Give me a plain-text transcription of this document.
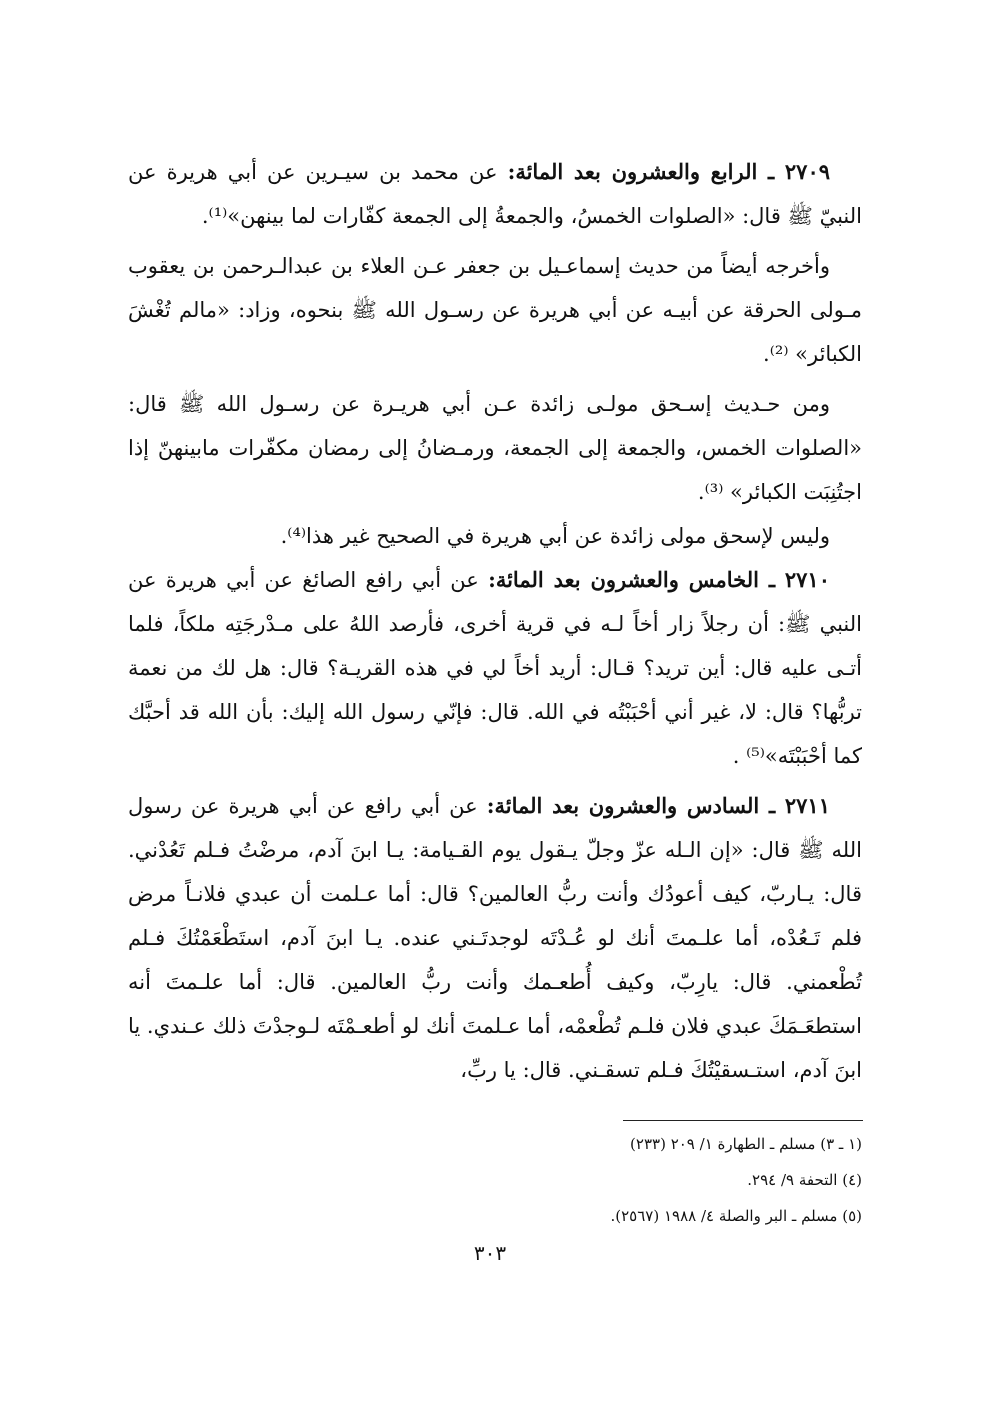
٢٧٠٩ ـ الرابع والعشرون بعد المائة: عن محمد بن سيـرين عن أبي هريرة عن النبيّ ﷺ قال: «الصلوات الخمسُ، والجمعةُ إلى الجمعة كفّارات لما بينهن»⁽¹⁾.

وأخرجه أيضاً من حديث إسماعـيل بن جعفر عـن العلاء بن عبدالـرحمن بن يعقوب مـولى الحرقة عن أبيـه عن أبي هريرة عن رسـول الله ﷺ بنحوه، وزاد: «مالم تُغْشَ الكبائر» ⁽²⁾.

ومن حـديث إسـحق مولـى زائدة عـن أبي هريـرة عن رسـول الله ﷺ قال: «الصلوات الخمس، والجمعة إلى الجمعة، ورمـضانُ إلى رمضان مكفّرات مابينهنّ إذا اجتُنِبَت الكبائر» ⁽³⁾.

وليس لإسحق مولى زائدة عن أبي هريرة في الصحيح غير هذا⁽⁴⁾.

٢٧١٠ ـ الخامس والعشرون بعد المائة: عن أبي رافع الصائغ عن أبي هريرة عن النبي ﷺ: أن رجلاً زار أخاً لـه في قرية أخرى، فأرصد اللهُ على مـدْرجَتِه ملكاً، فلما أتـى عليه قال: أين تريد؟ قـال: أريد أخاً لي في هذه القريـة؟ قال: هل لك من نعمة تربُّها؟ قال: لا، غير أني أحْبَبْتُه في الله. قال: فإنّي رسول الله إليك: بأن الله قد أحبَّك كما أحْبَبْتَه»⁽⁵⁾ .

٢٧١١ ـ السادس والعشرون بعد المائة: عن أبي رافع عن أبي هريرة عن رسول الله ﷺ قال: «إن الـله عزّ وجلّ يـقول يوم القـيامة: يـا ابنَ آدم، مرضْتُ فـلم تَعُدْني. قال: يـاربّ، كيف أعودُك وأنت ربُّ العالمين؟ قال: أما عـلمت أن عبدي فلانـاً مرض فلم تَـعُدْه، أما علـمتَ أنك لو عُـدْتَه لوجدتَـني عنده. يـا ابنَ آدم، استَطْعَمْتُكَ فـلم تُطْعمني. قال: يارِبّ، وكيف أُطعـمك وأنت ربُّ العالمين. قال: أما علـمتَ أنه استطعَـمَكَ عبدي فلان فلـم تُطْعمْه، أما عـلمتَ أنك لو أطعـمْتَه لـوجدْتَ ذلك عـندي. يا ابنَ آدم، استـسقيْتُكَ فـلم تسقـني. قال: يا ربِّ،

(١ ـ ٣) مسلم ـ الطهارة ١/ ٢٠٩ (٢٣٣)

(٤) التحفة ٩/ ٢٩٤.

(٥) مسلم ـ البر والصلة ٤/ ١٩٨٨ (٢٥٦٧).

٣٠٣
